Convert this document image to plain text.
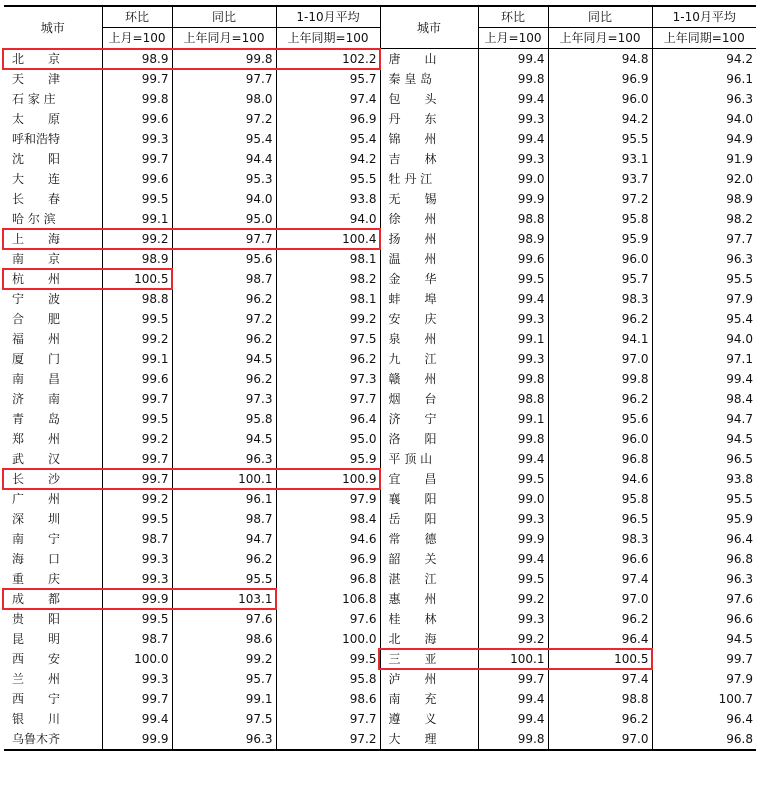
城市	环比	同比	1-10月平均	城市	环比	同比	1-10月平均
	上月=100	上年同月=100	上年同期=100		上月=100	上年同月=100	上年同期=100
北　　京	98.9	99.8	102.2	唐　　山	99.4	94.8	94.2
天　　津	99.7	97.7	95.7	秦 皇 岛	99.8	96.9	96.1
石 家 庄	99.8	98.0	97.4	包　　头	99.4	96.0	96.3
太　　原	99.6	97.2	96.9	丹　　东	99.3	94.2	94.0
呼和浩特	99.3	95.4	95.4	锦　　州	99.4	95.5	94.9
沈　　阳	99.7	94.4	94.2	吉　　林	99.3	93.1	91.9
大　　连	99.6	95.3	95.5	牡 丹 江	99.0	93.7	92.0
长　　春	99.5	94.0	93.8	无　　锡	99.9	97.2	98.9
哈 尔 滨	99.1	95.0	94.0	徐　　州	98.8	95.8	98.2
上　　海	99.2	97.7	100.4	扬　　州	98.9	95.9	97.7
南　　京	98.9	95.6	98.1	温　　州	99.6	96.0	96.3
杭　　州	100.5	98.7	98.2	金　　华	99.5	95.7	95.5
宁　　波	98.8	96.2	98.1	蚌　　埠	99.4	98.3	97.9
合　　肥	99.5	97.2	99.2	安　　庆	99.3	96.2	95.4
福　　州	99.2	96.2	97.5	泉　　州	99.1	94.1	94.0
厦　　门	99.1	94.5	96.2	九　　江	99.3	97.0	97.1
南　　昌	99.6	96.2	97.3	赣　　州	99.8	99.8	99.4
济　　南	99.7	97.3	97.7	烟　　台	98.8	96.2	98.4
青　　岛	99.5	95.8	96.4	济　　宁	99.1	95.6	94.7
郑　　州	99.2	94.5	95.0	洛　　阳	99.8	96.0	94.5
武　　汉	99.7	96.3	95.9	平 顶 山	99.4	96.8	96.5
长　　沙	99.7	100.1	100.9	宜　　昌	99.5	94.6	93.8
广　　州	99.2	96.1	97.9	襄　　阳	99.0	95.8	95.5
深　　圳	99.5	98.7	98.4	岳　　阳	99.3	96.5	95.9
南　　宁	98.7	94.7	94.6	常　　德	99.9	98.3	96.4
海　　口	99.3	96.2	96.9	韶　　关	99.4	96.6	96.8
重　　庆	99.3	95.5	96.8	湛　　江	99.5	97.4	96.3
成　　都	99.9	103.1	106.8	惠　　州	99.2	97.0	97.6
贵　　阳	99.5	97.6	97.6	桂　　林	99.3	96.2	96.6
昆　　明	98.7	98.6	100.0	北　　海	99.2	96.4	94.5
西　　安	100.0	99.2	99.5	三　　亚	100.1	100.5	99.7
兰　　州	99.3	95.7	95.8	泸　　州	99.7	97.4	97.9
西　　宁	99.7	99.1	98.6	南　　充	99.4	98.8	100.7
银　　川	99.4	97.5	97.7	遵　　义	99.4	96.2	96.4
乌鲁木齐	99.9	96.3	97.2	大　　理	99.8	97.0	96.8
